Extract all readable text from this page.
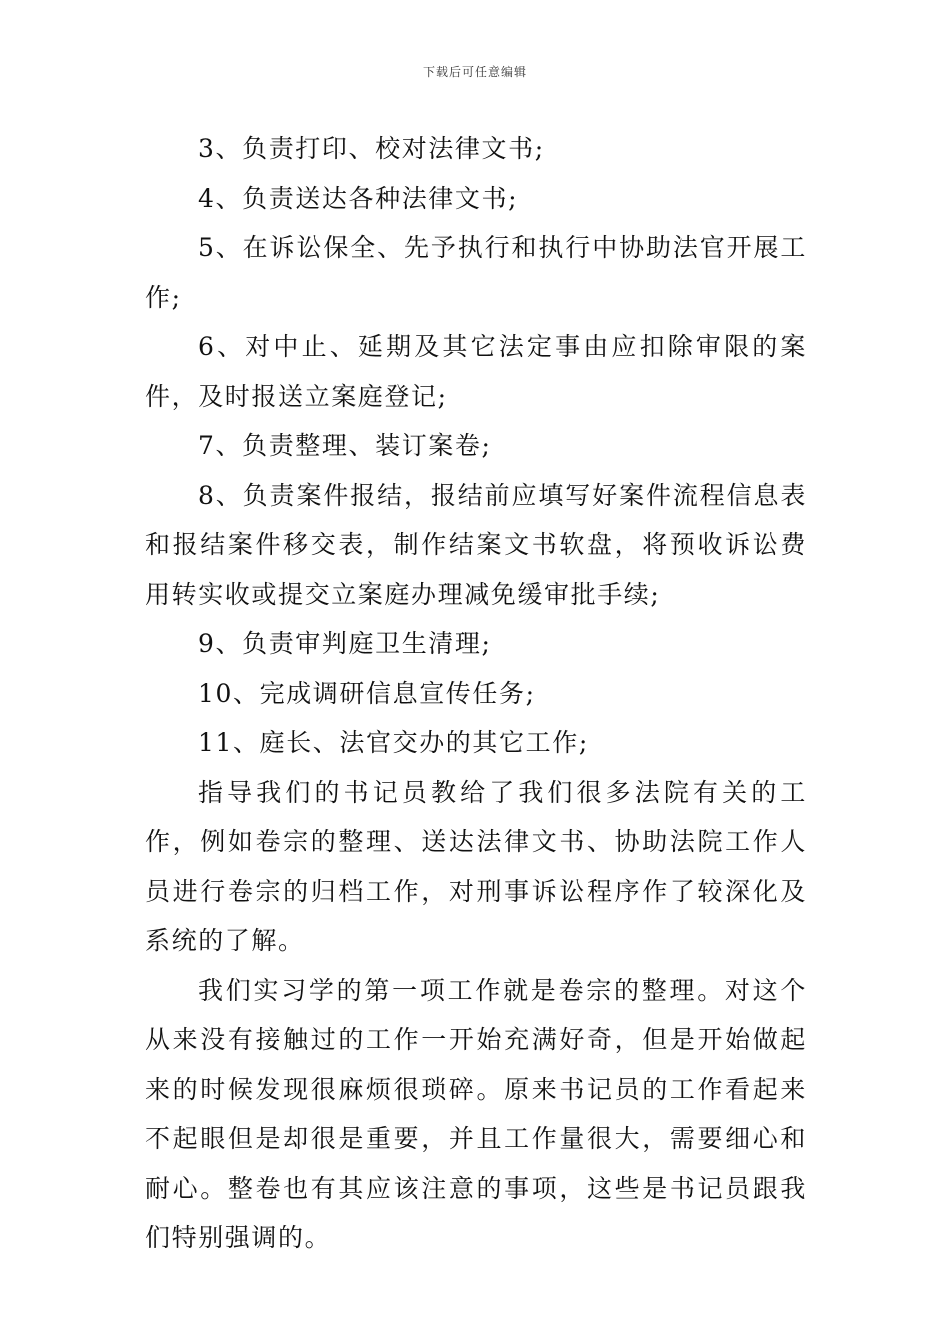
下载后可任意编辑

3、负责打印、校对法律文书;

4、负责送达各种法律文书;

5、在诉讼保全、先予执行和执行中协助法官开展工作;

6、对中止、延期及其它法定事由应扣除审限的案件，及时报送立案庭登记;

7、负责整理、装订案卷;

8、负责案件报结，报结前应填写好案件流程信息表和报结案件移交表，制作结案文书软盘，将预收诉讼费用转实收或提交立案庭办理减免缓审批手续;

9、负责审判庭卫生清理;

10、完成调研信息宣传任务;

11、庭长、法官交办的其它工作;

指导我们的书记员教给了我们很多法院有关的工作，例如卷宗的整理、送达法律文书、协助法院工作人员进行卷宗的归档工作，对刑事诉讼程序作了较深化及系统的了解。

我们实习学的第一项工作就是卷宗的整理。对这个从来没有接触过的工作一开始充满好奇，但是开始做起来的时候发现很麻烦很琐碎。原来书记员的工作看起来不起眼但是却很是重要，并且工作量很大，需要细心和耐心。整卷也有其应该注意的事项，这些是书记员跟我们特别强调的。
